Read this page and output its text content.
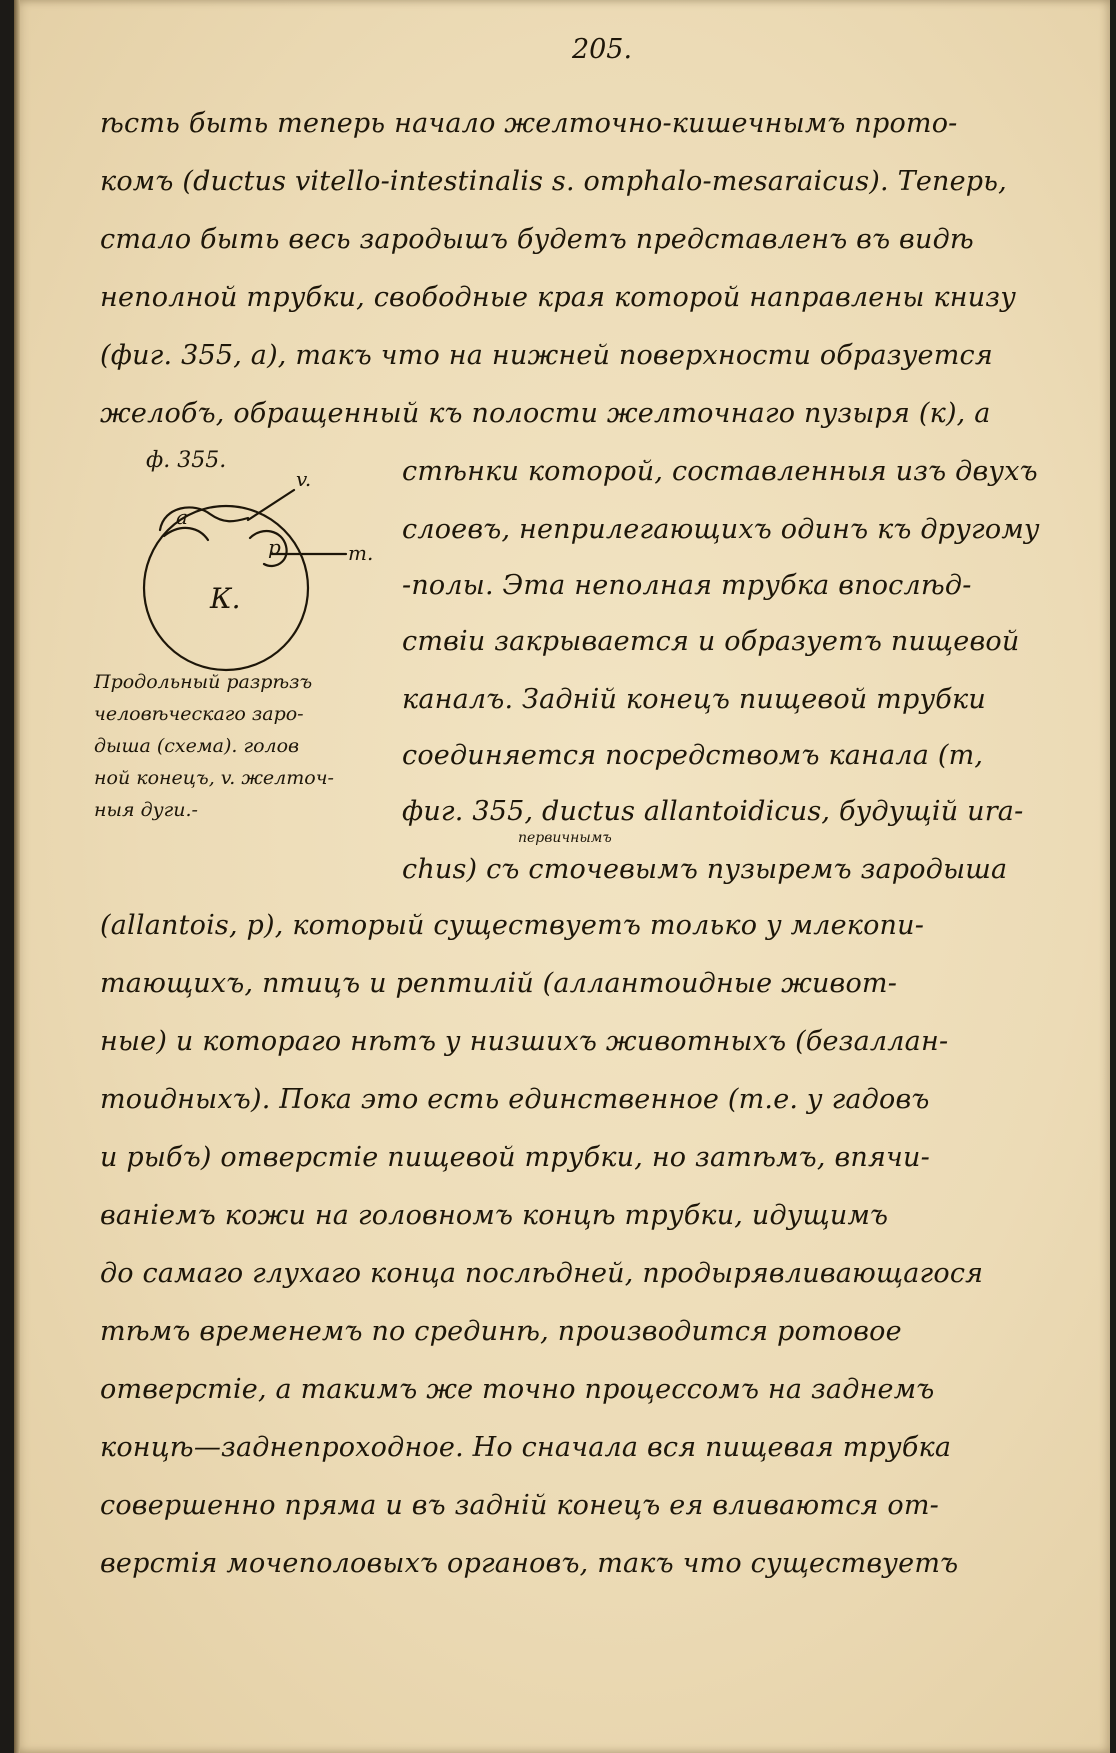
205.
ѣсть быть теперь начало желточно-кишечнымъ прото-
комъ (ductus vitello-intestinalis s. omphalo-mesaraicus). Теперь,
стало быть весь зародышъ будетъ представленъ въ видѣ
неполной трубки, свободные края которой направлены книзу
(фиг. 355, а), такъ что на нижней поверхности образуется
желобъ, обращенный къ полости желточнаго пузыря (к), а
стѣнки которой, составленныя изъ двухъ
слоевъ, неприлегающихъ одинъ къ другому
-полы. Эта неполная трубка впослѣд-
ствіи закрывается и образуетъ пищевой
каналъ. Задній конецъ пищевой трубки
соединяется посредствомъ канала (т,
фиг. 355, ductus allantoidicus, будущій ura-
первичнымъ
chus) съ сточевымъ пузыремъ зародыша
(allantois, p), который существуетъ только у млекопи-
тающихъ, птицъ и рептилій (аллантоидные живот-
ные) и котораго нѣтъ у низшихъ животныхъ (безаллан-
тоидныхъ). Пока это есть единственное (т.е. у гадовъ
и рыбъ) отверстіе пищевой трубки, но затѣмъ, впячи-
ваніемъ кожи на головномъ концѣ трубки, идущимъ
до самаго глухаго конца послѣдней, продырявливающагося
тѣмъ временемъ по срединѣ, производится ротовое
отверстіе, а такимъ же точно процессомъ на заднемъ
концѣ—заднепроходное. Но сначала вся пищевая трубка
совершенно пряма и въ задній конецъ ея вливаются от-
верстія мочеполовыхъ органовъ, такъ что существуетъ
ф. 355.
a
v.
m.
p
К.
Продольный разрѣзъ
человѣческаго заро-
дыша (схема). голов
ной конецъ, v. желточ-
ныя дуги.-
